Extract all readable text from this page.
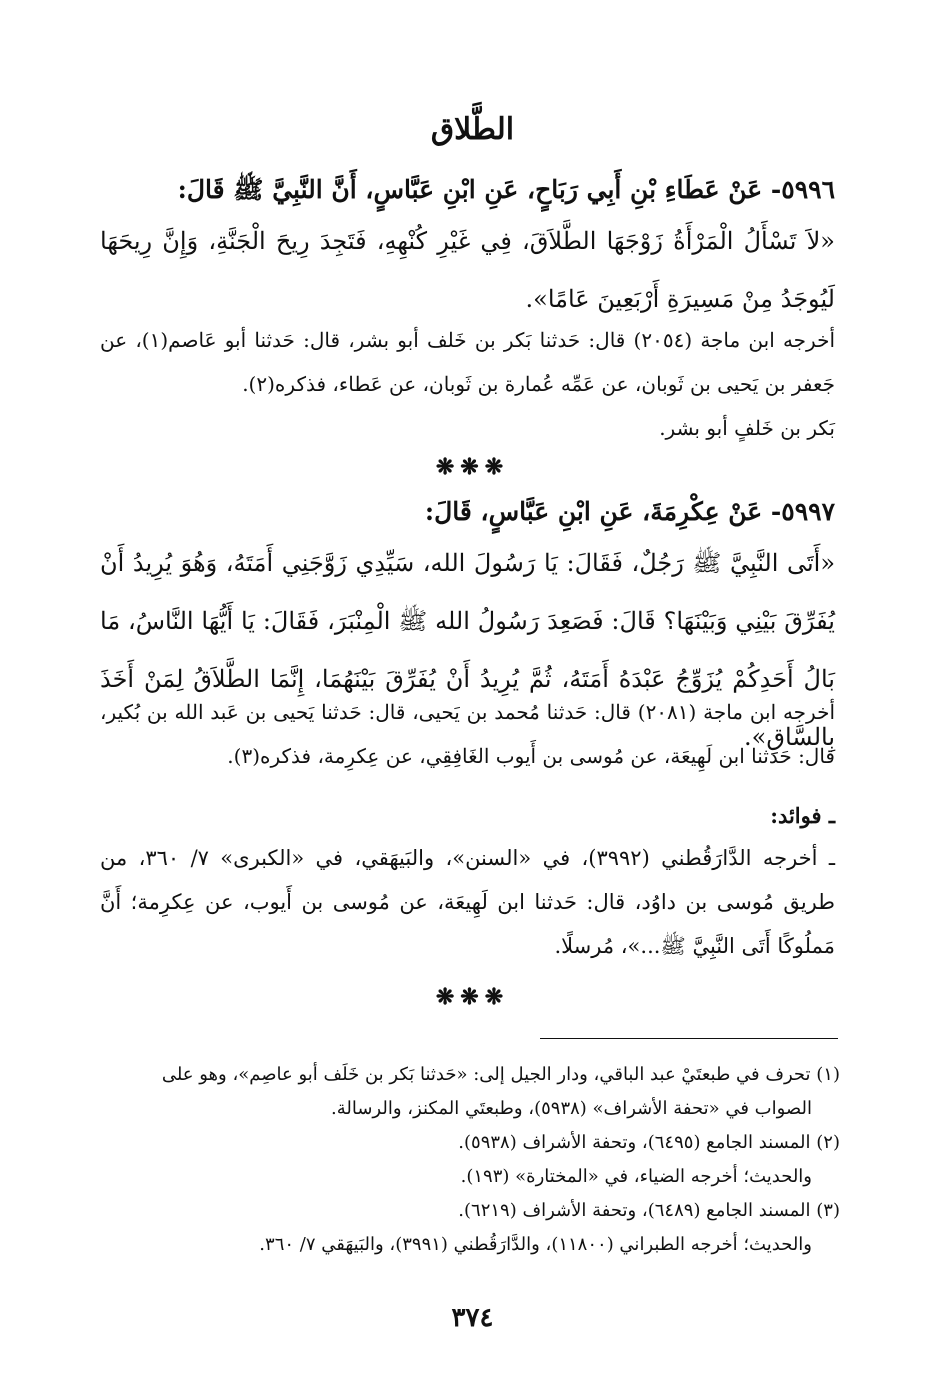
الطَّلاق
٥٩٩٦- عَنْ عَطَاءِ بْنِ أَبِي رَبَاحٍ، عَنِ ابْنِ عَبَّاسٍ، أَنَّ النَّبِيَّ ﷺ قَالَ:
«لاَ تَسْأَلُ الْمَرْأَةُ زَوْجَهَا الطَّلاَقَ، فِي غَيْرِ كُنْهِهِ، فَتَجِدَ رِيحَ الْجَنَّةِ، وَإِنَّ رِيحَهَا لَيُوجَدُ مِنْ مَسِيرَةِ أَرْبَعِينَ عَامًا».
أخرجه ابن ماجة (٢٠٥٤) قال: حَدثنا بَكر بن خَلف أبو بشر، قال: حَدثنا أبو عَاصم(١)، عن جَعفر بن يَحيى بن ثَوبان، عن عَمِّه عُمارة بن ثَوبان، عن عَطاء، فذكره(٢).
بَكر بن خَلفٍ أبو بشر.
❋❋❋
٥٩٩٧- عَنْ عِكْرِمَةَ، عَنِ ابْنِ عَبَّاسٍ، قَالَ:
«أَتَى النَّبِيَّ ﷺ رَجُلٌ، فَقَالَ: يَا رَسُولَ الله، سَيِّدِي زَوَّجَنِي أَمَتَهُ، وَهُوَ يُرِيدُ أَنْ يُفَرِّقَ بَيْنِي وَبَيْنَهَا؟ قَالَ: فَصَعِدَ رَسُولُ الله ﷺ الْمِنْبَرَ، فَقَالَ: يَا أَيُّهَا النَّاسُ، مَا بَالُ أَحَدِكُمْ يُزَوِّجُ عَبْدَهُ أَمَتَهُ، ثُمَّ يُرِيدُ أَنْ يُفَرِّقَ بَيْنَهُمَا، إِنَّمَا الطَّلاَقُ لِمَنْ أَخَذَ بِالسَّاقِ».
أخرجه ابن ماجة (٢٠٨١) قال: حَدثنا مُحمد بن يَحيى، قال: حَدثنا يَحيى بن عَبد الله بن بُكير، قال: حَدثنا ابن لَهِيعَة، عن مُوسى بن أَيوب الغَافِقِي، عن عِكرِمة، فذكره(٣).
ـ فوائد:
ـ أخرجه الدَّارَقُطني (٣٩٩٢)، في «السنن»، والبَيهَقي، في «الكبرى» ٧/ ٣٦٠، من طريق مُوسى بن داوُد، قال: حَدثنا ابن لَهِيعَة، عن مُوسى بن أَيوب، عن عِكرِمة؛ أَنَّ مَملُوكًا أَتَى النَّبِيَّ ﷺ...»، مُرسلًا.
❋❋❋
(١) تحرف في طبعتَيْ عبد الباقي، ودار الجيل إلى: «حَدثنا بَكر بن خَلَف أبو عاصِم»، وهو على
الصواب في «تحفة الأشراف» (٥٩٣٨)، وطبعتَي المكنز، والرسالة.
(٢) المسند الجامع (٦٤٩٥)، وتحفة الأشراف (٥٩٣٨).
والحديث؛ أخرجه الضياء، في «المختارة» (١٩٣).
(٣) المسند الجامع (٦٤٨٩)، وتحفة الأشراف (٦٢١٩).
والحديث؛ أخرجه الطبراني (١١٨٠٠)، والدَّارَقُطني (٣٩٩١)، والبَيهَقي ٧/ ٣٦٠.
٣٧٤
